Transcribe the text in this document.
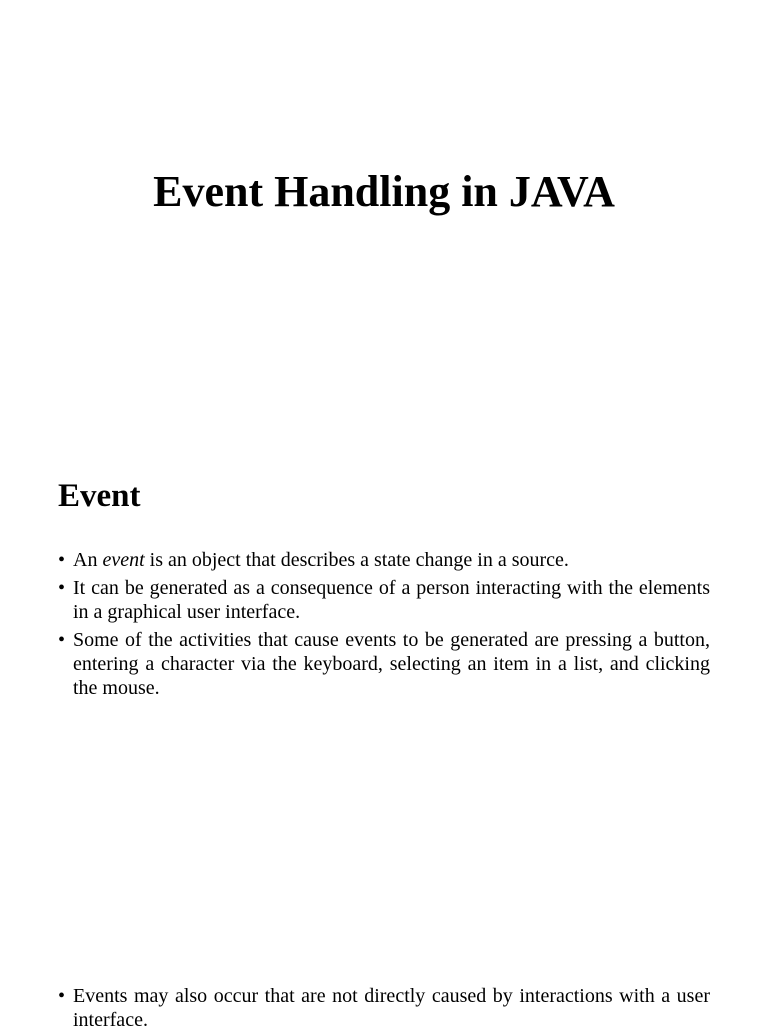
Event Handling in JAVA
Event
• An event is an object that describes a state change in a source.
• It can be generated as a consequence of a person interacting with the elements in a graphical user interface.
• Some of the activities that cause events to be generated are pressing a button, entering a character via the keyboard, selecting an item in a list, and clicking the mouse.
• Events may also occur that are not directly caused by interactions with a user interface.
